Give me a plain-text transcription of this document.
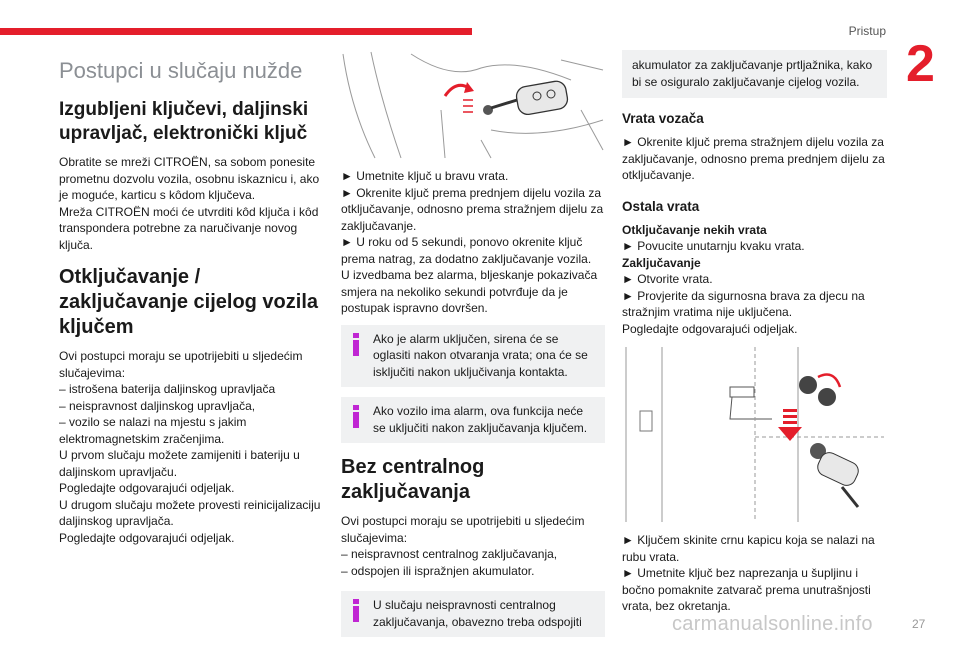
Pristup
2
Postupci u slučaju nužde
Izgubljeni ključevi, daljinski upravljač, elektronički ključ

Obratite se mreži CITROËN, sa sobom ponesite prometnu dozvolu vozila, osobnu iskaznicu i, ako je moguće, karticu s kôdom ključeva.

Mreža CITROËN moći će utvrditi kôd ključa i kôd transpondera potrebne za naručivanje novog ključa.

Otključavanje / zaključavanje cijelog vozila ključem

Ovi postupci moraju se upotrijebiti u sljedećim slučajevima:

– istrošena baterija daljinskog upravljača

– neispravnost daljinskog upravljača,

– vozilo se nalazi na mjestu s jakim elektromagnetskim zračenjima.

U prvom slučaju možete zamijeniti i bateriju u daljinskom upravljaču.

Pogledajte odgovarajući odjeljak.

U drugom slučaju možete provesti reinicijalizaciju daljinskog upravljača.

Pogledajte odgovarajući odjeljak.

► Umetnite ključ u bravu vrata.

► Okrenite ključ prema prednjem dijelu vozila za otključavanje, odnosno prema stražnjem dijelu za zaključavanje.

► U roku od 5 sekundi, ponovo okrenite ključ prema natrag, za dodatno zaključavanje vozila.

U izvedbama bez alarma, bljeskanje pokazivača smjera na nekoliko sekundi potvrđuje da je postupak ispravno dovršen.

Ako je alarm uključen, sirena će se oglasiti nakon otvaranja vrata; ona će se isključiti nakon uključivanja kontakta.

Ako vozilo ima alarm, ova funkcija neće se uključiti nakon zaključavanja ključem.

Bez centralnog zaključavanja

Ovi postupci moraju se upotrijebiti u sljedećim slučajevima:

– neispravnost centralnog zaključavanja,

– odspojen ili ispražnjen akumulator.

U slučaju neispravnosti centralnog zaključavanja, obavezno treba odspojiti

akumulator za zaključavanje prtljažnika, kako bi se osiguralo zaključavanje cijelog vozila.

Vrata vozača

► Okrenite ključ prema stražnjem dijelu vozila za zaključavanje, odnosno prema prednjem dijelu za otključavanje.

Ostala vrata
Otključavanje nekih vrata

► Povucite unutarnju kvaku vrata.

Zaključavanje

► Otvorite vrata.

► Provjerite da sigurnosna brava za djecu na stražnjim vratima nije uključena.

Pogledajte odgovarajući odjeljak.

► Ključem skinite crnu kapicu koja se nalazi na rubu vrata.

► Umetnite ključ bez naprezanja u šupljinu i bočno pomaknite zatvarač prema unutrašnjosti vrata, bez okretanja.

carmanualsonline.info	27
